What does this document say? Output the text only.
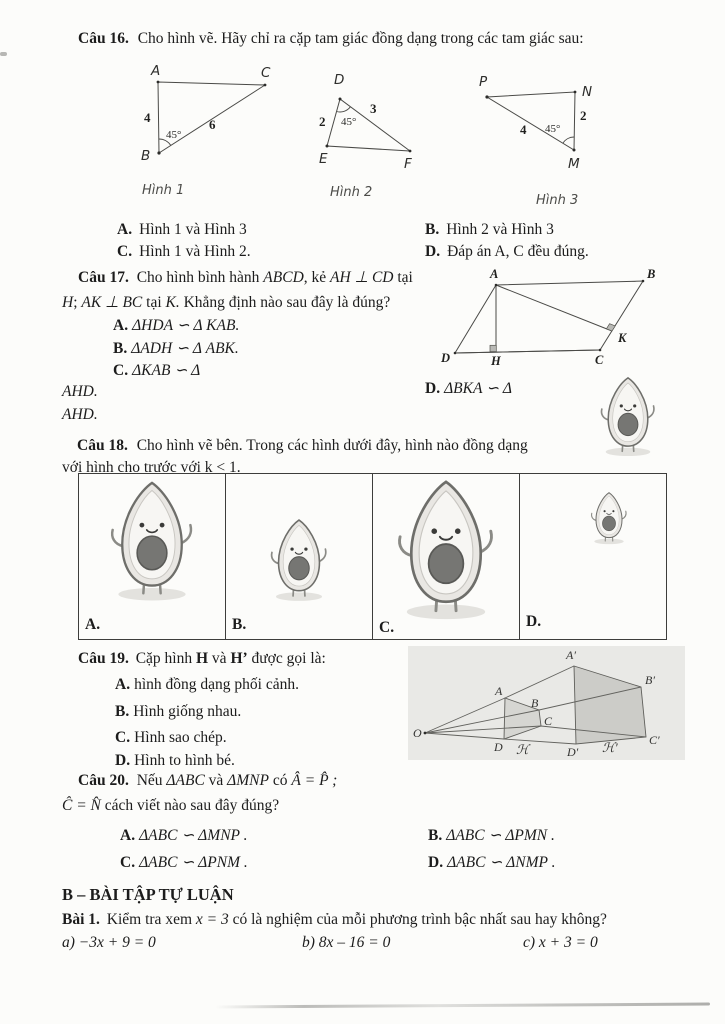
Câu 16. Cho hình vẽ. Hãy chỉ ra cặp tam giác đồng dạng trong các tam giác sau:
A	C
B
4	6
45°
Hình 1
D
E	F
2
3
45°
Hình 2
P
N
M
2
4 45°
Hình 3
A. Hình 1 và Hình 3	B. Hình 2 và Hình 3
C. Hình 1 và Hình 2.	D. Đáp án A, C đều đúng.
Câu 17. Cho hình bình hành ABCD, kẻ AH ⊥ CD tại
H; AK ⊥ BC tại K. Khẳng định nào sau đây là đúng?
A. ΔHDA ∽ Δ KAB.
B. ΔADH ∽ Δ ABK.
C. ΔKAB ∽ Δ
AHD.
AHD.
D. ΔBKA ∽ Δ
A	B
C
D	H
K
Câu 18. Cho hình vẽ bên. Trong các hình dưới đây, hình nào đồng dạng
với hình cho trước với k < 1.
A.	B.	C.	D.
Câu 19. Cặp hình H và H’ được gọi là:
A. hình đồng dạng phối cảnh.
B. Hình giống nhau.
C. Hình sao chép.
D. Hình to hình bé.
O
A
B
C
D ℋ
A′
B′
C′
D′ ℋ′
Câu 20. Nếu ΔABC và ΔMNP có Â = P̂ ;
Ĉ = N̂ cách viết nào sau đây đúng?
A. ΔABC ∽ ΔMNP .	B. ΔABC ∽ ΔPMN .
C. ΔABC ∽ ΔPNM .	D. ΔABC ∽ ΔNMP .
B – BÀI TẬP TỰ LUẬN
Bài 1. Kiểm tra xem x = 3 có là nghiệm của mỗi phương trình bậc nhất sau hay không?
a) −3x + 9 = 0	b) 8x – 16 = 0	c) x + 3 = 0
